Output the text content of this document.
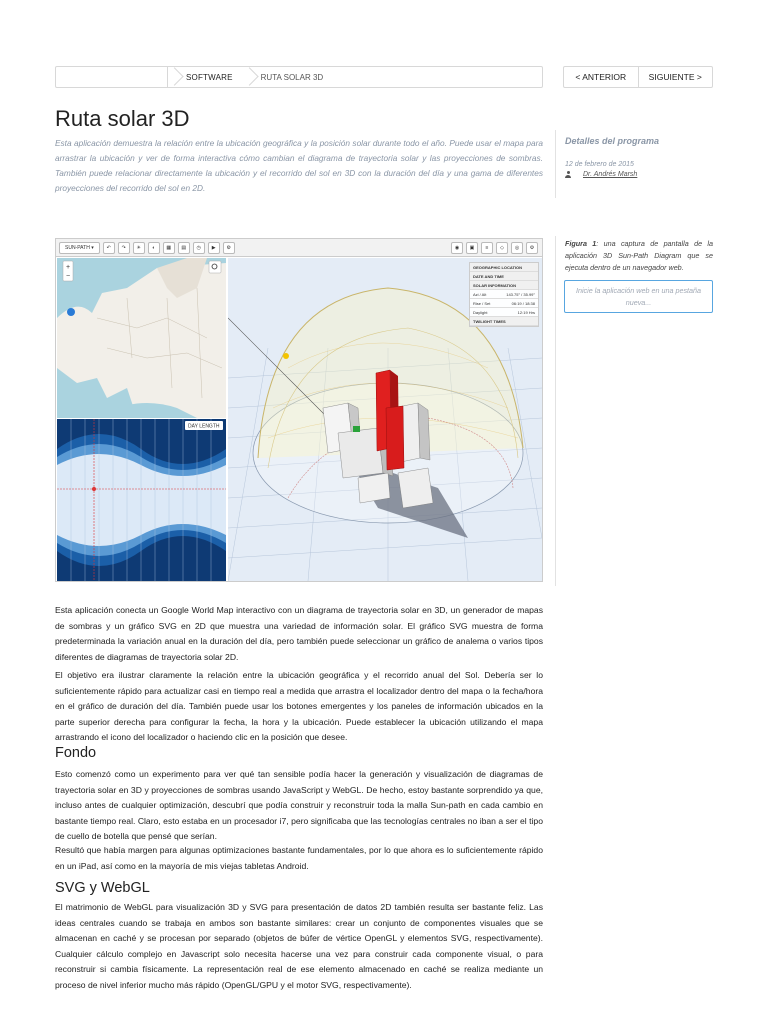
SOFTWARE	RUTA SOLAR 3D	< ANTERIOR	SIGUIENTE >
Ruta solar 3D

Esta aplicación demuestra la relación entre la ubicación geográfica y la posición solar durante todo el año. Puede usar el mapa para arrastrar la ubicación y ver de forma interactiva cómo cambian el diagrama de trayectoria solar y las proyecciones de sombras. También puede relacionar directamente la ubicación y el recorrido del sol en 3D con la duración del día y una gama de diferentes proyecciones del recorrido del sol en 2D.

Detalles del programa
12 de febrero de 2015
Dr. Andrés Marsh
Figura 1: una captura de pantalla de la aplicación 3D Sun-Path Diagram que se ejecuta dentro de un navegador web.
Inicie la aplicación web en una pestaña nueva...
SUN-PATH ▾	↶	↷	☀	◐	▦	▤	◷	▶	⚙	◉	▣	≡	◇	◎	⚙
+
−
DAY LENGTH
GEOGRAPHIC LOCATION
DATE AND TIME
SOLAR INFORMATION
Azi / Alt	143.75° / 35.99°
Rise / Set	06:19 / 18:38
Daylight	12:19 Hrs
TWILIGHT TIMES

Esta aplicación conecta un Google World Map interactivo con un diagrama de trayectoria solar en 3D, un generador de mapas de sombras y un gráfico SVG en 2D que muestra una variedad de información solar. El gráfico SVG muestra de forma predeterminada la variación anual en la duración del día, pero también puede seleccionar un gráfico de analema o varios tipos diferentes de diagramas de trayectoria solar 2D.

El objetivo era ilustrar claramente la relación entre la ubicación geográfica y el recorrido anual del Sol. Debería ser lo suficientemente rápido para actualizar casi en tiempo real a medida que arrastra el localizador dentro del mapa o la fecha/hora en el gráfico de duración del día. También puede usar los botones emergentes y los paneles de información ubicados en la parte superior derecha para configurar la fecha, la hora y la ubicación. Puede establecer la ubicación utilizando el mapa arrastrando el icono del localizador o haciendo clic en la posición que desee.

Fondo

Esto comenzó como un experimento para ver qué tan sensible podía hacer la generación y visualización de diagramas de trayectoria solar en 3D y proyecciones de sombras usando JavaScript y WebGL. De hecho, estoy bastante sorprendido ya que, incluso antes de cualquier optimización, descubrí que podía construir y reconstruir toda la malla Sun-path en cada cambio en bastante tiempo real. Claro, esto estaba en un procesador i7, pero significaba que las tecnologías centrales no iban a ser el tipo de cuello de botella que pensé que serían.

Resultó que había margen para algunas optimizaciones bastante fundamentales, por lo que ahora es lo suficientemente rápido en un iPad, así como en la mayoría de mis viejas tabletas Android.

SVG y WebGL

El matrimonio de WebGL para visualización 3D y SVG para presentación de datos 2D también resulta ser bastante feliz. Las ideas centrales cuando se trabaja en ambos son bastante similares: crear un conjunto de componentes visuales que se almacenan en caché y se procesan por separado (objetos de búfer de vértice OpenGL y elementos SVG, respectivamente). Cualquier cálculo complejo en Javascript solo necesita hacerse una vez para construir cada componente visual, o para reconstruir si cambia físicamente. La representación real de ese elemento almacenado en caché se realiza mediante un proceso de nivel inferior mucho más rápido (OpenGL/GPU y el motor SVG, respectivamente).
